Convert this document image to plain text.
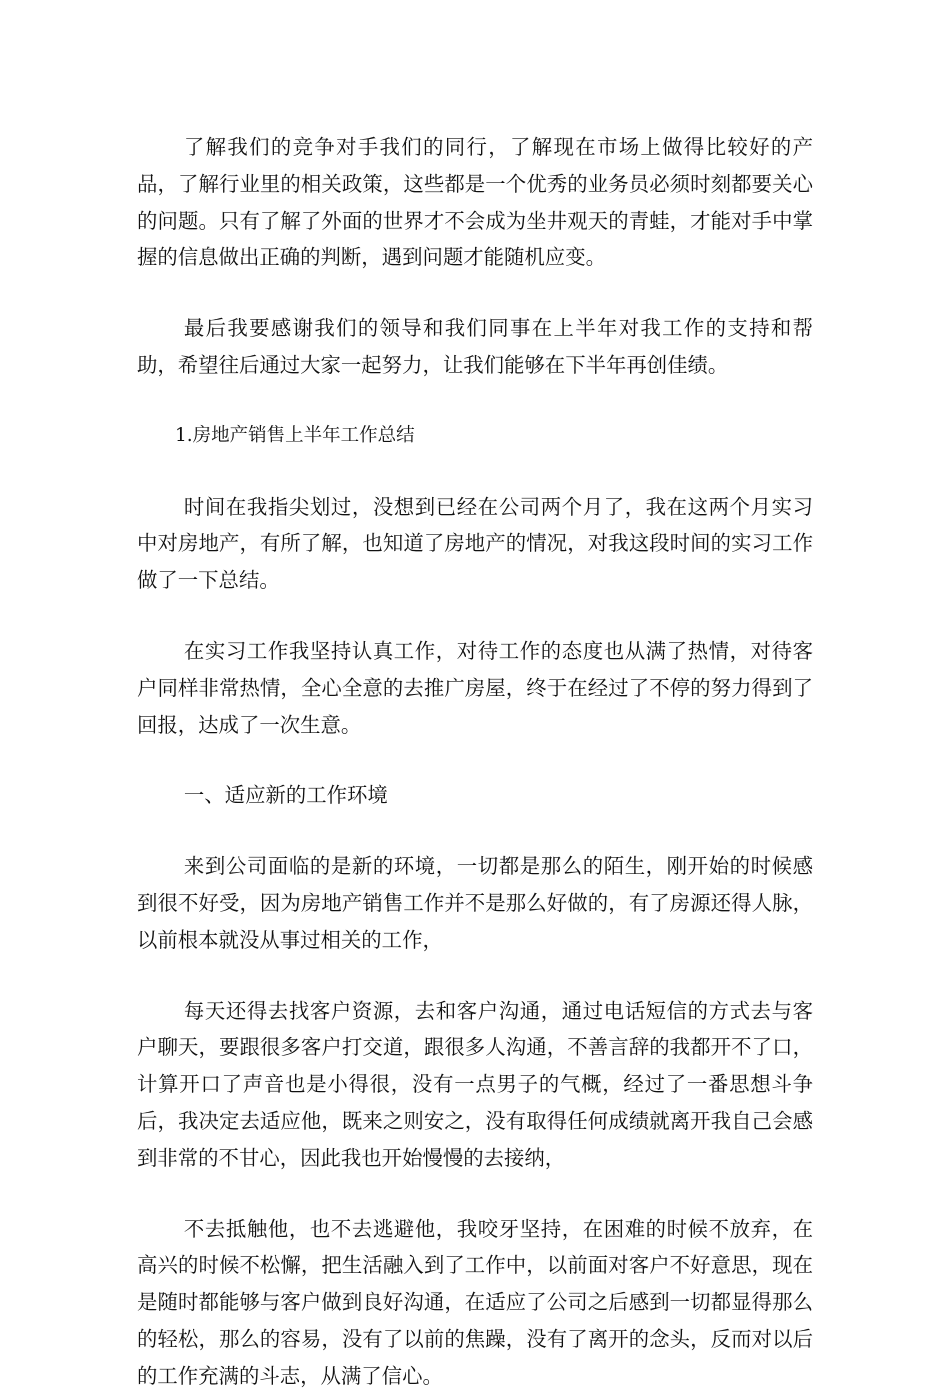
了解我们的竞争对手我们的同行，了解现在市场上做得比较好的产品，了解行业里的相关政策，这些都是一个优秀的业务员必须时刻都要关心的问题。只有了解了外面的世界才不会成为坐井观天的青蛙，才能对手中掌握的信息做出正确的判断，遇到问题才能随机应变。

最后我要感谢我们的领导和我们同事在上半年对我工作的支持和帮助，希望往后通过大家一起努力，让我们能够在下半年再创佳绩。

1.房地产销售上半年工作总结

时间在我指尖划过，没想到已经在公司两个月了，我在这两个月实习中对房地产，有所了解，也知道了房地产的情况，对我这段时间的实习工作做了一下总结。

在实习工作我坚持认真工作，对待工作的态度也从满了热情，对待客户同样非常热情，全心全意的去推广房屋，终于在经过了不停的努力得到了回报，达成了一次生意。

一、适应新的工作环境

来到公司面临的是新的环境，一切都是那么的陌生，刚开始的时候感到很不好受，因为房地产销售工作并不是那么好做的，有了房源还得人脉，以前根本就没从事过相关的工作，

每天还得去找客户资源，去和客户沟通，通过电话短信的方式去与客户聊天，要跟很多客户打交道，跟很多人沟通，不善言辞的我都开不了口，计算开口了声音也是小得很，没有一点男子的气概，经过了一番思想斗争后，我决定去适应他，既来之则安之，没有取得任何成绩就离开我自己会感到非常的不甘心，因此我也开始慢慢的去接纳，

不去抵触他，也不去逃避他，我咬牙坚持，在困难的时候不放弃，在高兴的时候不松懈，把生活融入到了工作中，以前面对客户不好意思，现在是随时都能够与客户做到良好沟通，在适应了公司之后感到一切都显得那么的轻松，那么的容易，没有了以前的焦躁，没有了离开的念头，反而对以后的工作充满的斗志，从满了信心。
